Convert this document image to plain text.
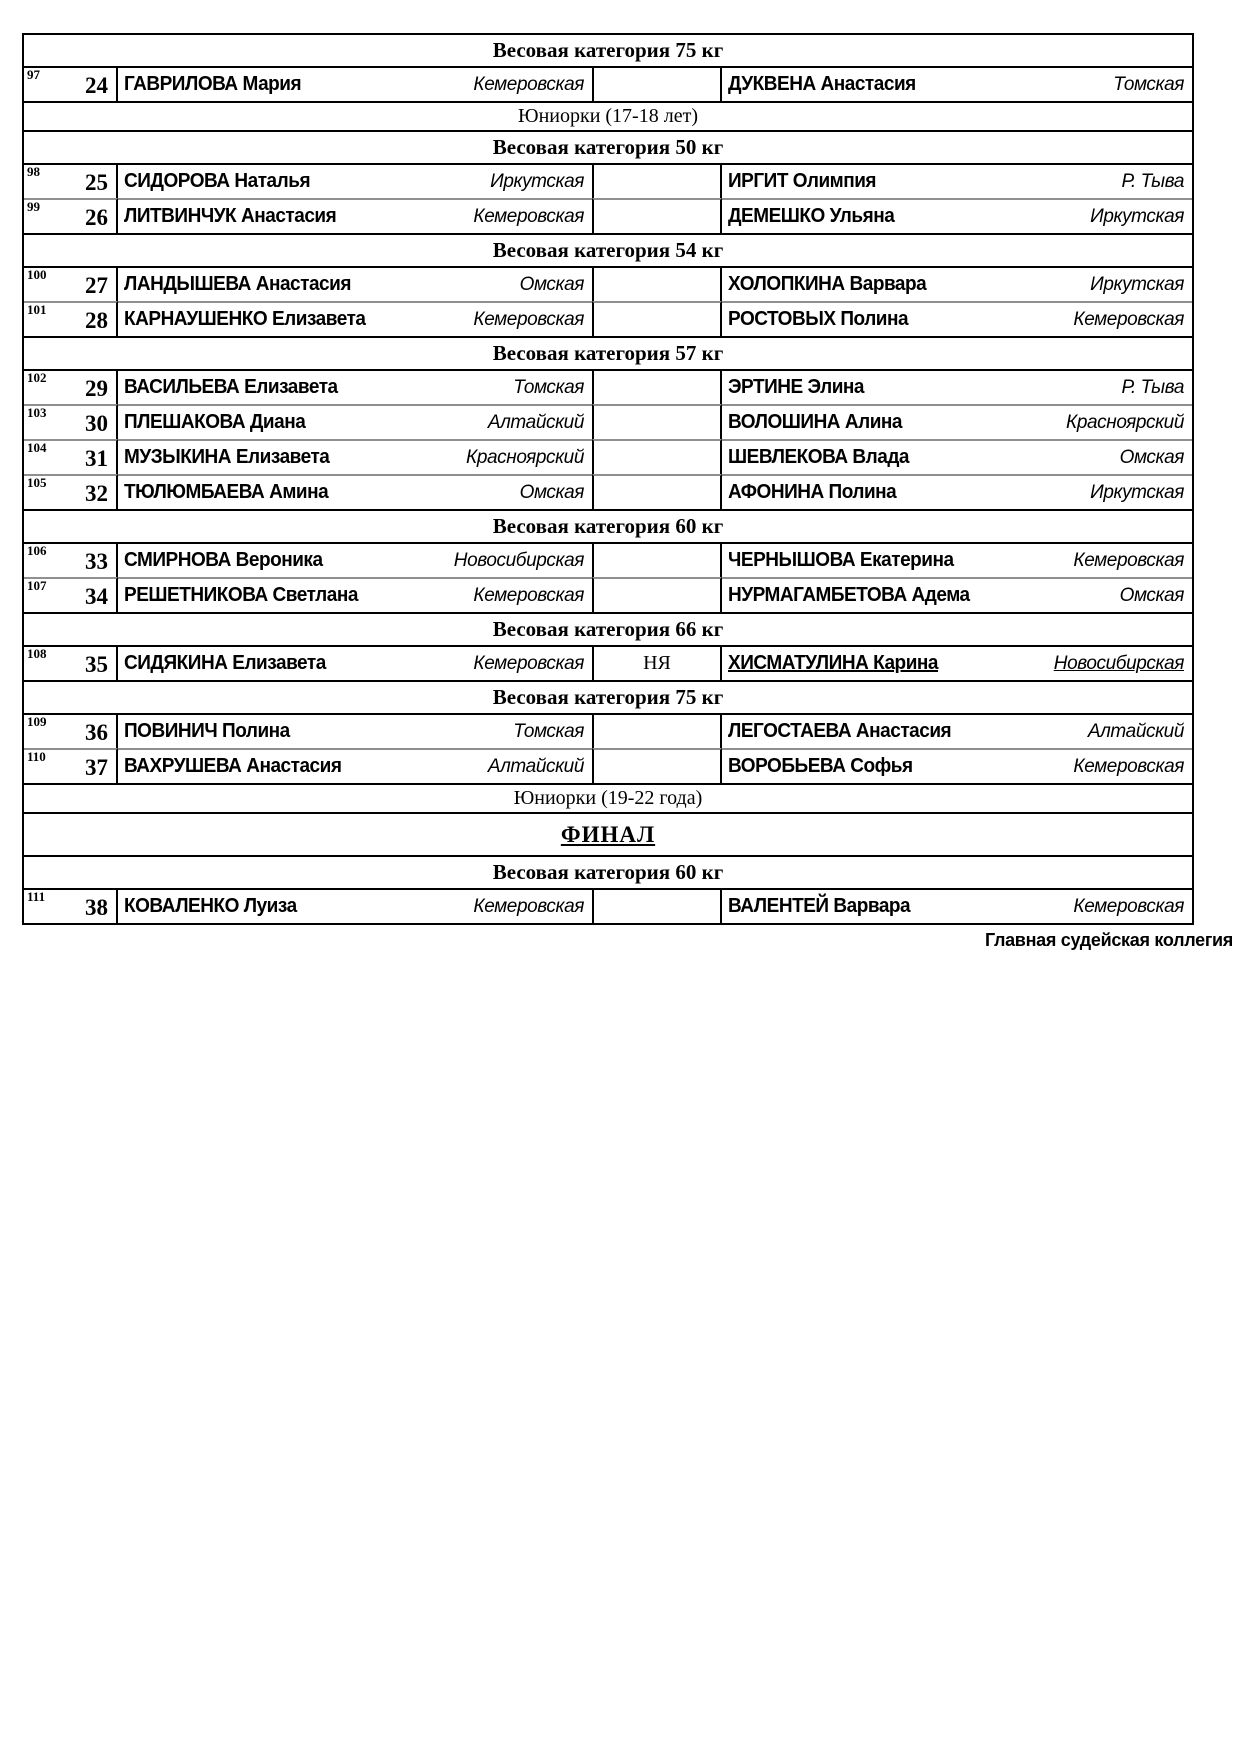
Весовая категория 75 кг			

97 24	ГАВРИЛОВА Мария Кемеровская		ДУКВЕНА Анастасия Томская

Юниорки (17-18 лет)			
Весовая категория 50 кг			

98 25	СИДОРОВА Наталья Иркутская		ИРГИТ Олимпия Р. Тыва

99 26	ЛИТВИНЧУК Анастасия Кемеровская		ДЕМЕШКО Ульяна Иркутская

Весовая категория 54 кг			

100 27	ЛАНДЫШЕВА Анастасия Омская		ХОЛОПКИНА Варвара Иркутская

101 28	КАРНАУШЕНКО Елизавета Кемеровская		РОСТОВЫХ Полина Кемеровская

Весовая категория 57 кг			

102 29	ВАСИЛЬЕВА Елизавета Томская		ЭРТИНЕ Элина Р. Тыва

103 30	ПЛЕШАКОВА Диана Алтайский		ВОЛОШИНА Алина Красноярский

104 31	МУЗЫКИНА Елизавета Красноярский		ШЕВЛЕКОВА Влада Омская

105 32	ТЮЛЮМБАЕВА Амина Омская		АФОНИНА Полина Иркутская

Весовая категория 60 кг			

106 33	СМИРНОВА Вероника Новосибирская		ЧЕРНЫШОВА Екатерина Кемеровская

107 34	РЕШЕТНИКОВА Светлана Кемеровская		НУРМАГАМБЕТОВА Адема Омская

Весовая категория 66 кг			

108 35	СИДЯКИНА Елизавета Кемеровская	НЯ	ХИСМАТУЛИНА Карина Новосибирская

Весовая категория 75 кг			

109 36	ПОВИНИЧ Полина Томская		ЛЕГОСТАЕВА Анастасия Алтайский

110 37	ВАХРУШЕВА Анастасия Алтайский		ВОРОБЬЕВА Софья Кемеровская

Юниорки (19-22 года)			
ФИНАЛ			
Весовая категория 60 кг			

111 38	КОВАЛЕНКО Луиза Кемеровская		ВАЛЕНТЕЙ Варвара Кемеровская
Главная судейская коллегия
